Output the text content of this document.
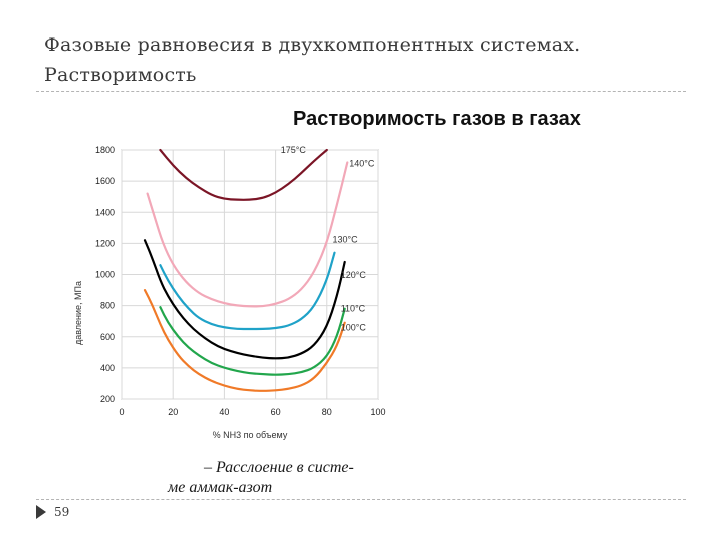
Фазовые равновесия в двухкомпонентных системах. Растворимость
Растворимость газов в газах
200
400
600
800
1000
1200
1400
1600
1800
0	20	40	60	80	100
175°C
140°C
130°C
120°C
110°C
100°C
давление, МПа
% NH3 по объему
– Расслоение в систе-
ме аммак-азот
59
